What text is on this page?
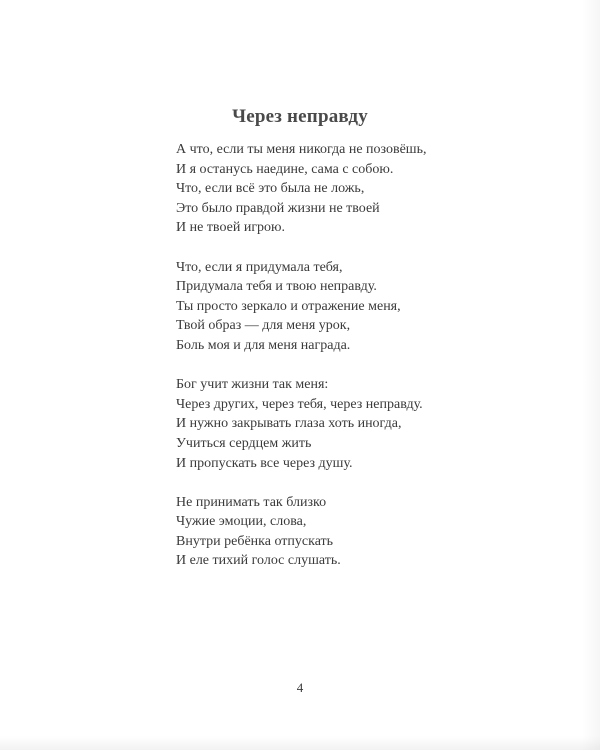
Через неправду

А что, если ты меня никогда не позовёшь,
И я останусь наедине, сама с собою.
Что, если всё это была не ложь,
Это было правдой жизни не твоей
И не твоей игрою.

Что, если я придумала тебя,
Придумала тебя и твою неправду.
Ты просто зеркало и отражение меня,
Твой образ — для меня урок,
Боль моя и для меня награда.

Бог учит жизни так меня:
Через других, через тебя, через неправду.
И нужно закрывать глаза хоть иногда,
Учиться сердцем жить
И пропускать все через душу.

Не принимать так близко
Чужие эмоции, слова,
Внутри ребёнка отпускать
И еле тихий голос слушать.

4
